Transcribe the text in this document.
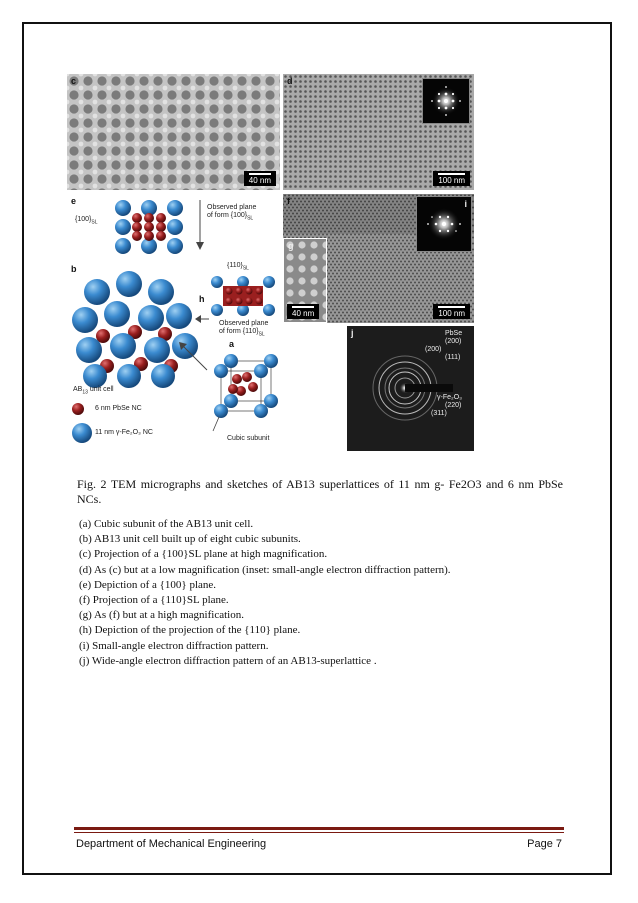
c
40 nm
d
100 nm
e
$\{100\}_{SL}$
Observed plane
of form $\{100\}_{SL}$
f
g
40 nm
i
100 nm
b
h
$\{110\}_{SL}$
Observed plane
of form $\{110\}_{SL}$
$AB_{13}$ unit cell
6 nm PbSe NC
11 nm γ-Fe₂O₃ NC
a
Cubic subunit
j	PbSe
(200)
(200)
(111)
γ-Fe₂O₃
(220)
(311)
Fig. 2 TEM micrographs and sketches of AB13 superlattices of 11 nm g- Fe2O3 and 6 nm PbSe NCs.
(a) Cubic subunit of the AB13 unit cell.
(b) AB13 unit cell built up of eight cubic subunits.
(c) Projection of a {100}SL plane at high magnification.
(d) As (c) but at a low magnification (inset: small-angle electron diffraction pattern).
(e) Depiction of a {100} plane.
(f) Projection of a {110}SL plane.
(g) As (f) but at a high magnification.
(h) Depiction of the projection of the {110} plane.
(i) Small-angle electron diffraction pattern.
(j) Wide-angle electron diffraction pattern of an AB13-superlattice .
Department of Mechanical Engineering	Page 7
